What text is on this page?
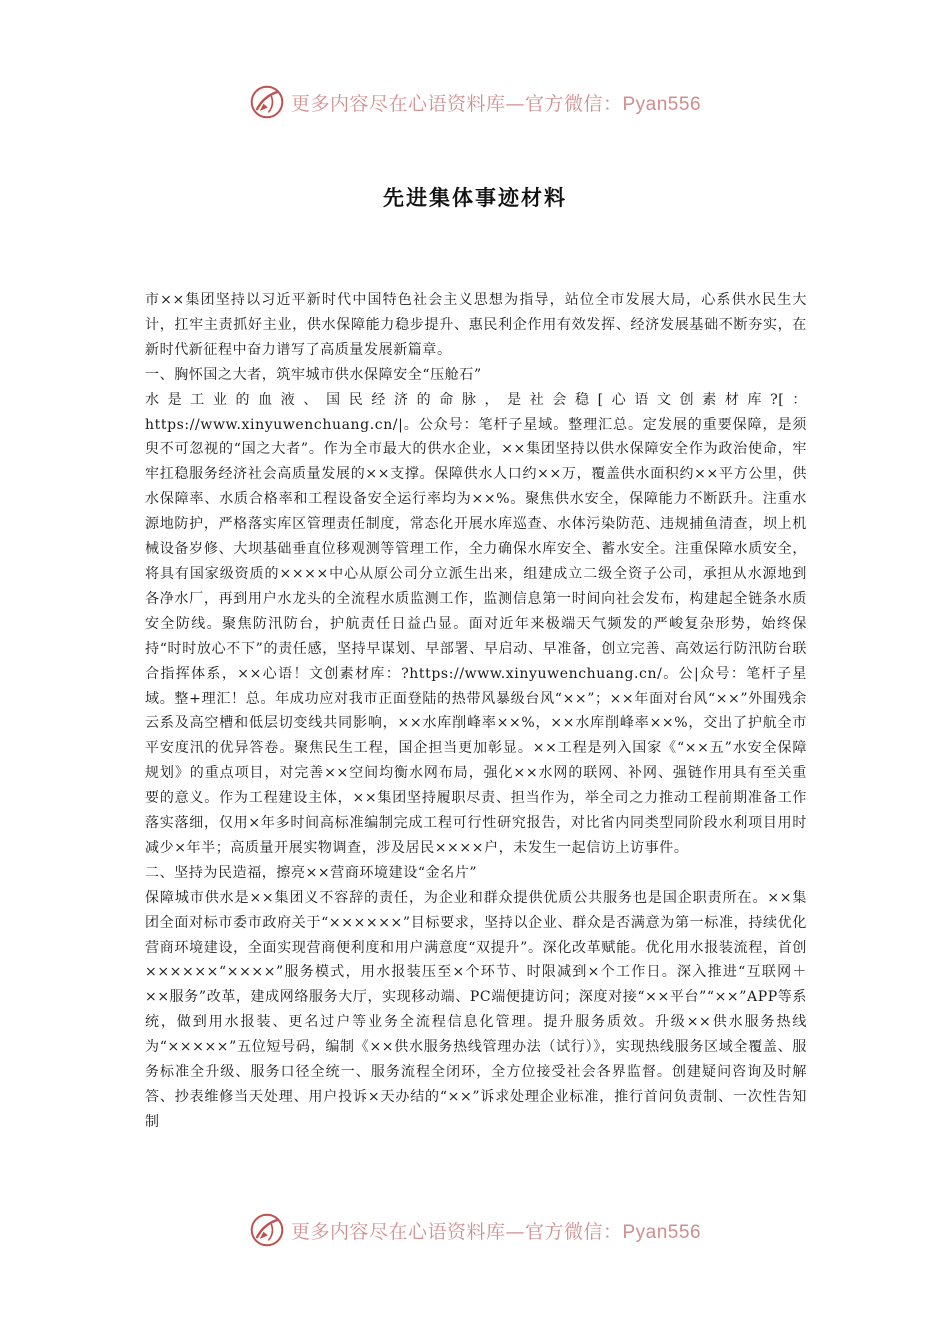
更多内容尽在心语资料库—官方微信：Pyan556
先进集体事迹材料

市××集团坚持以习近平新时代中国特色社会主义思想为指导，站位全市发展大局，心系供水民生大计，扛牢主责抓好主业，供水保障能力稳步提升、惠民利企作用有效发挥、经济发展基础不断夯实，在新时代新征程中奋力谱写了高质量发展新篇章。

一、胸怀国之大者，筑牢城市供水保障安全“压舱石”

水是工业的血液、国民经济的命脉，是社会稳[心语文创素材库?[：https://www.xinyuwenchuang.cn/|。公众号：笔杆子星域。整理汇总。定发展的重要保障，是须臾不可忽视的“国之大者”。作为全市最大的供水企业，××集团坚持以供水保障安全作为政治使命，牢牢扛稳服务经济社会高质量发展的××支撑。保障供水人口约××万，覆盖供水面积约××平方公里，供水保障率、水质合格率和工程设备安全运行率均为××%。聚焦供水安全，保障能力不断跃升。注重水源地防护，严格落实库区管理责任制度，常态化开展水库巡查、水体污染防范、违规捕鱼清查，坝上机械设备岁修、大坝基础垂直位移观测等管理工作，全力确保水库安全、蓄水安全。注重保障水质安全，将具有国家级资质的××××中心从原公司分立派生出来，组建成立二级全资子公司，承担从水源地到各净水厂，再到用户水龙头的全流程水质监测工作，监测信息第一时间向社会发布，构建起全链条水质安全防线。聚焦防汛防台，护航责任日益凸显。面对近年来极端天气频发的严峻复杂形势，始终保持“时时放心不下”的责任感，坚持早谋划、早部署、早启动、早准备，创立完善、高效运行防汛防台联合指挥体系，××心语！文创素材库：?https://www.xinyuwenchuang.cn/。公|众号：笔杆子星域。整+理汇！总。年成功应对我市正面登陆的热带风暴级台风“××”；××年面对台风“××”外围残余云系及高空槽和低层切变线共同影响，××水库削峰率××%，××水库削峰率××%，交出了护航全市平安度汛的优异答卷。聚焦民生工程，国企担当更加彰显。××工程是列入国家《“××五”水安全保障规划》的重点项目，对完善××空间均衡水网布局，强化××水网的联网、补网、强链作用具有至关重要的意义。作为工程建设主体，××集团坚持履职尽责、担当作为，举全司之力推动工程前期准备工作落实落细，仅用×年多时间高标准编制完成工程可行性研究报告，对比省内同类型同阶段水利项目用时减少×年半；高质量开展实物调查，涉及居民××××户，未发生一起信访上访事件。

二、坚持为民造福，擦亮××营商环境建设“金名片”

保障城市供水是××集团义不容辞的责任，为企业和群众提供优质公共服务也是国企职责所在。××集团全面对标市委市政府关于“××××××”目标要求，坚持以企业、群众是否满意为第一标准，持续优化营商环境建设，全面实现营商便利度和用户满意度“双提升”。深化改革赋能。优化用水报装流程，首创××××××“××××”服务模式，用水报装压至×个环节、时限减到×个工作日。深入推进“互联网＋××服务”改革，建成网络服务大厅，实现移动端、PC端便捷访问；深度对接“××平台”“××”APP等系统，做到用水报装、更名过户等业务全流程信息化管理。提升服务质效。升级××供水服务热线为“×××××”五位短号码，编制《××供水服务热线管理办法（试行）》，实现热线服务区域全覆盖、服务标准全升级、服务口径全统一、服务流程全闭环，全方位接受社会各界监督。创建疑问咨询及时解答、抄表维修当天处理、用户投诉×天办结的“××”诉求处理企业标准，推行首问负责制、一次性告知制

更多内容尽在心语资料库—官方微信：Pyan556
